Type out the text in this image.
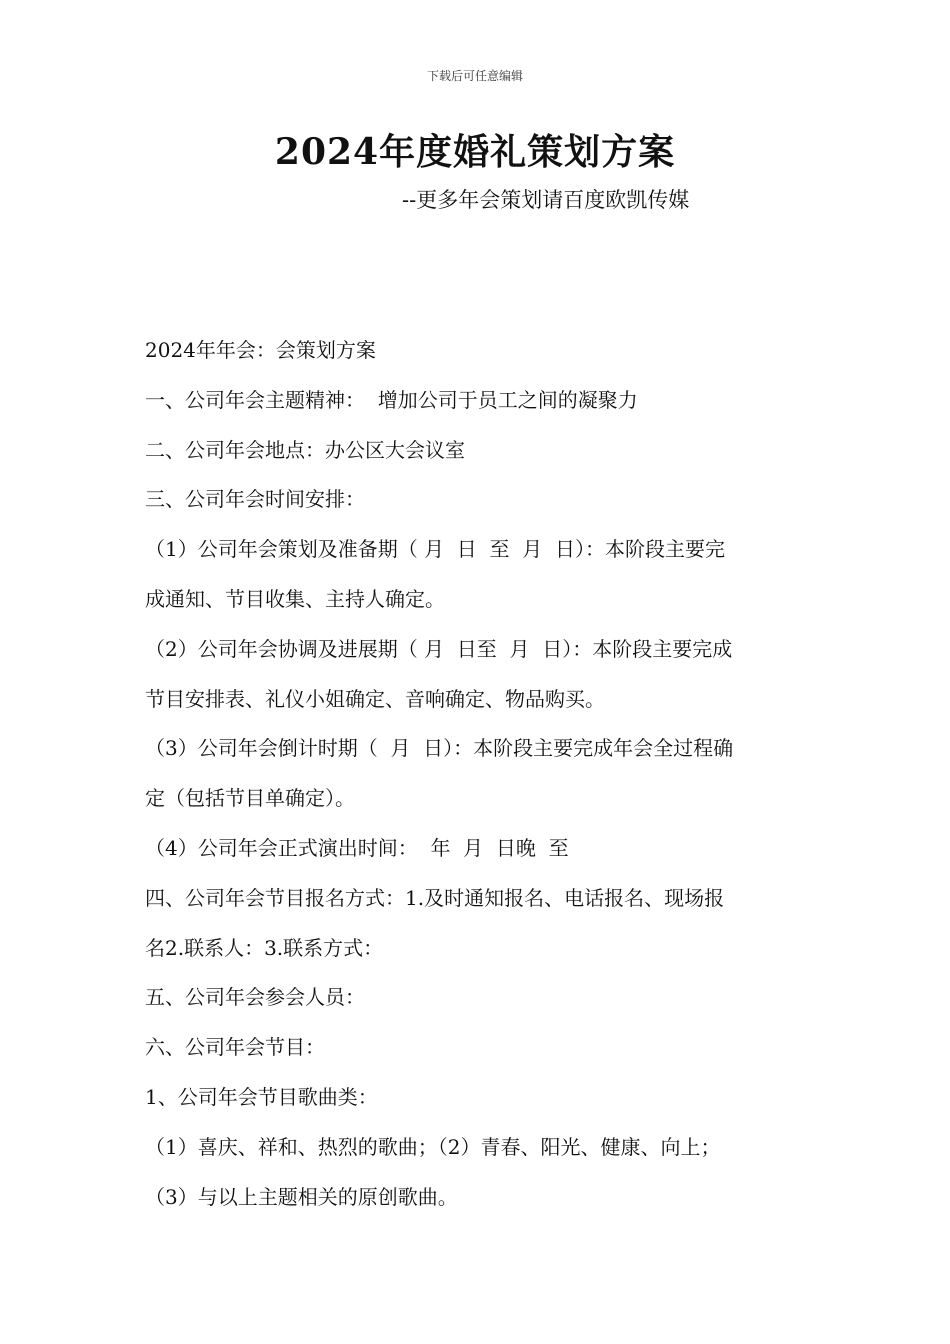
下载后可任意编辑
2024年度婚礼策划方案
--更多年会策划请百度欧凯传媒
2024年年会：会策划方案
一、公司年会主题精神：  增加公司于员工之间的凝聚力
二、公司年会地点：办公区大会议室
三、公司年会时间安排：
（1）公司年会策划及准备期（ 月  日  至  月  日）：本阶段主要完
成通知、节目收集、主持人确定。
（2）公司年会协调及进展期（ 月  日至  月  日）：本阶段主要完成
节目安排表、礼仪小姐确定、音响确定、物品购买。
（3）公司年会倒计时期（  月  日）：本阶段主要完成年会全过程确
定（包括节目单确定）。
（4）公司年会正式演出时间：  年  月  日晚  至
四、公司年会节目报名方式：1.及时通知报名、电话报名、现场报
名2.联系人：3.联系方式：
五、公司年会参会人员：
六、公司年会节目：
1、公司年会节目歌曲类：
（1）喜庆、祥和、热烈的歌曲；（2）青春、阳光、健康、向上；
（3）与以上主题相关的原创歌曲。
